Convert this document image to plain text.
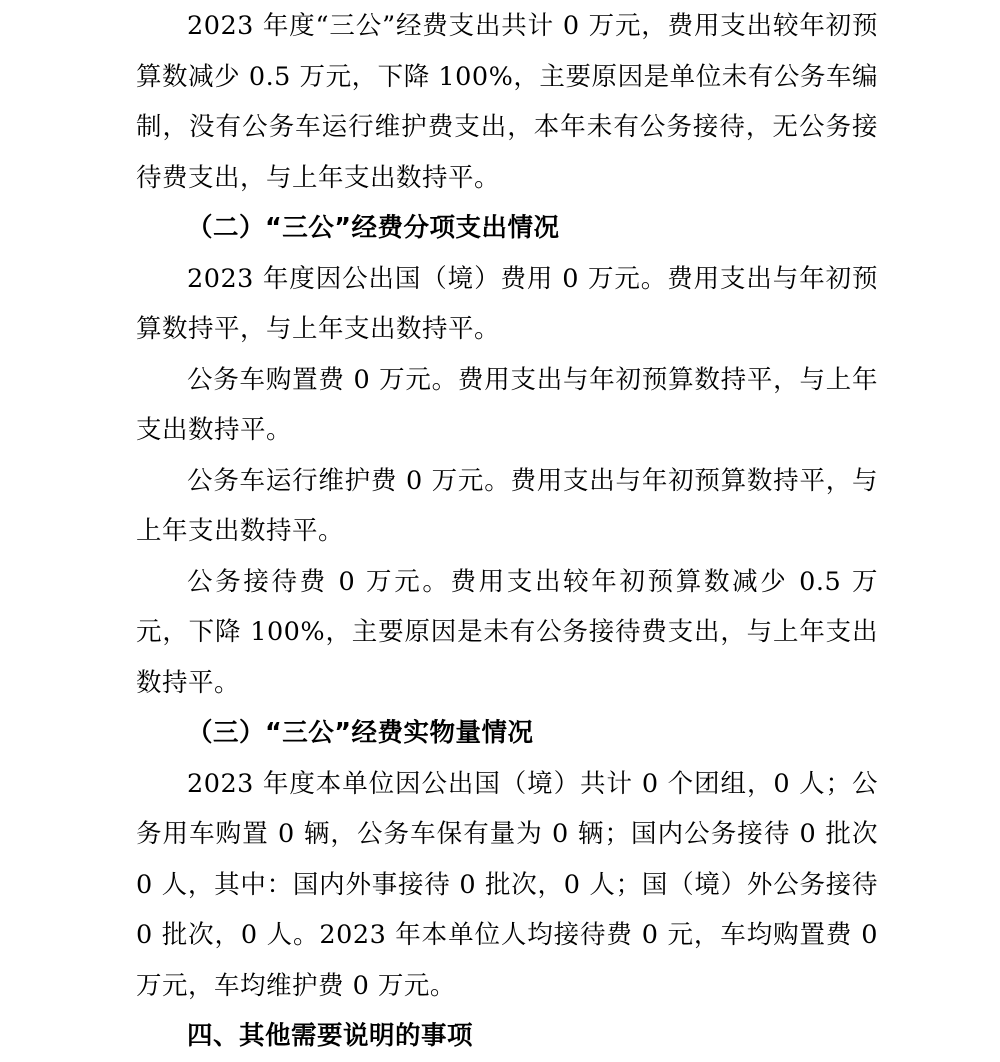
2023 年度“三公”经费支出共计 0 万元，费用支出较年初预算数减少 0.5 万元，下降 100%，主要原因是单位未有公务车编制，没有公务车运行维护费支出，本年未有公务接待，无公务接待费支出，与上年支出数持平。

（二）“三公”经费分项支出情况

2023 年度因公出国（境）费用 0 万元。费用支出与年初预算数持平，与上年支出数持平。

公务车购置费 0 万元。费用支出与年初预算数持平，与上年支出数持平。

公务车运行维护费 0 万元。费用支出与年初预算数持平，与上年支出数持平。

公务接待费 0 万元。费用支出较年初预算数减少 0.5 万元，下降 100%，主要原因是未有公务接待费支出，与上年支出数持平。

（三）“三公”经费实物量情况

2023 年度本单位因公出国（境）共计 0 个团组，0 人；公务用车购置 0 辆，公务车保有量为 0 辆；国内公务接待 0 批次 0 人，其中：国内外事接待 0 批次，0 人；国（境）外公务接待 0 批次，0 人。2023 年本单位人均接待费 0 元，车均购置费 0 万元，车均维护费 0 万元。

四、其他需要说明的事项
